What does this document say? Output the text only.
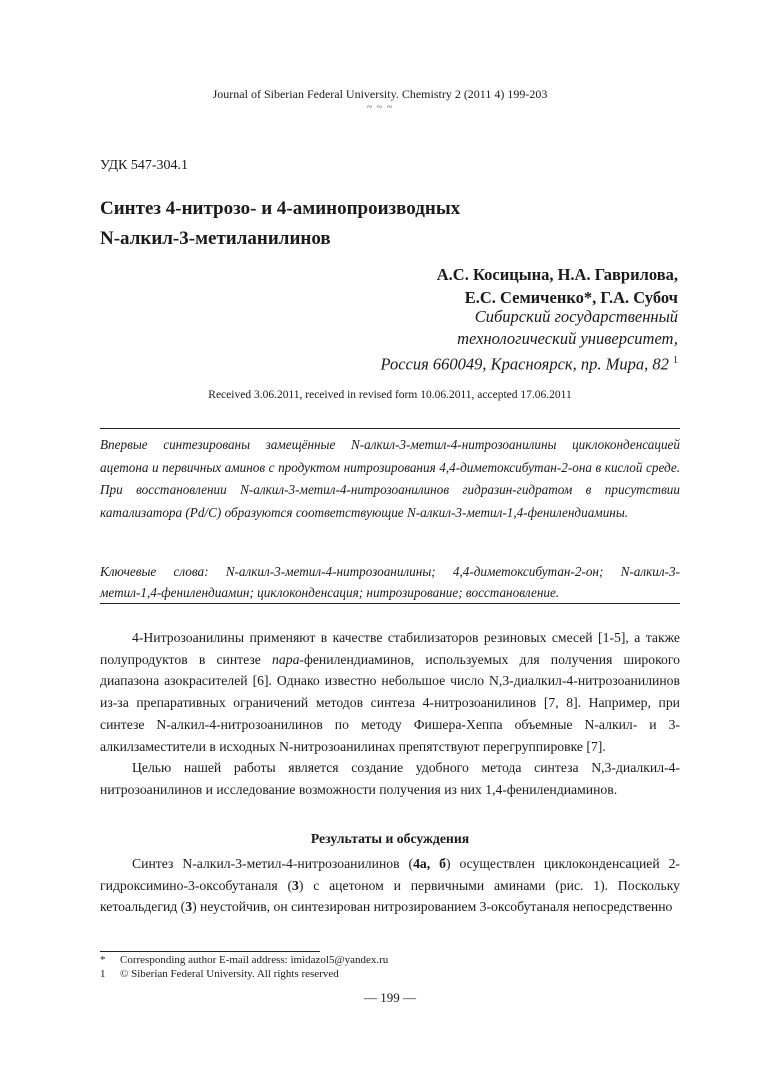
Journal of Siberian Federal University. Chemistry 2 (2011 4) 199-203
~ ~ ~
УДК 547-304.1
Синтез 4-нитрозо- и 4-аминопроизводных
N-алкил-3-метиланилинов
А.С. Косицына, Н.А. Гаврилова,
Е.С. Семиченко*, Г.А. Субоч
Сибирский государственный
технологический университет,
Россия 660049, Красноярск, пр. Мира, 82 $^1$
Received 3.06.2011, received in revised form 10.06.2011, accepted 17.06.2011
Впервые синтезированы замещённые N-алкил-3-метил-4-нитрозоанилины циклоконденсацией ацетона и первичных аминов с продуктом нитрозирования 4,4-диметоксибутан-2-она в кислой среде. При восстановлении N-алкил-3-метил-4-нитрозоанилинов гидразин-гидратом в присутствии катализатора (Pd/C) образуются соответствующие N-алкил-3-метил-1,4-фенилендиамины.
Ключевые слова: N-алкил-3-метил-4-нитрозоанилины; 4,4-диметоксибутан-2-он; N-алкил-3-метил-1,4-фенилендиамин; циклоконденсация; нитрозирование; восстановление.

4-Нитрозоанилины применяют в качестве стабилизаторов резиновых смесей [1-5], а также полупродуктов в синтезе пара-фенилендиаминов, используемых для получения широкого диапазона азокрасителей [6]. Однако известно небольшое число N,3-диалкил-4-нитрозоанилинов из-за препаративных ограничений методов синтеза 4-нитрозоанилинов [7, 8]. Например, при синтезе N-алкил-4-нитрозоанилинов по методу Фишера-Хеппа объемные N-алкил- и 3-алкилзаместители в исходных N-нитрозоанилинах препятствуют перегруппировке [7].

Целью нашей работы является создание удобного метода синтеза N,3-диалкил-4-нитрозоанилинов и исследование возможности получения из них 1,4-фенилендиаминов.

Результаты и обсуждения

Синтез N-алкил-3-метил-4-нитрозоанилинов (4а, б) осуществлен циклоконденсацией 2-гидроксимино-3-оксобутаналя (3) с ацетоном и первичными аминами (рис. 1). Поскольку кетоальдегид (3) неустойчив, он синтезирован нитрозированием 3-оксобутаналя непосредственно

* Corresponding author E-mail address: imidazol5@yandex.ru
1 © Siberian Federal University. All rights reserved
— 199 —
